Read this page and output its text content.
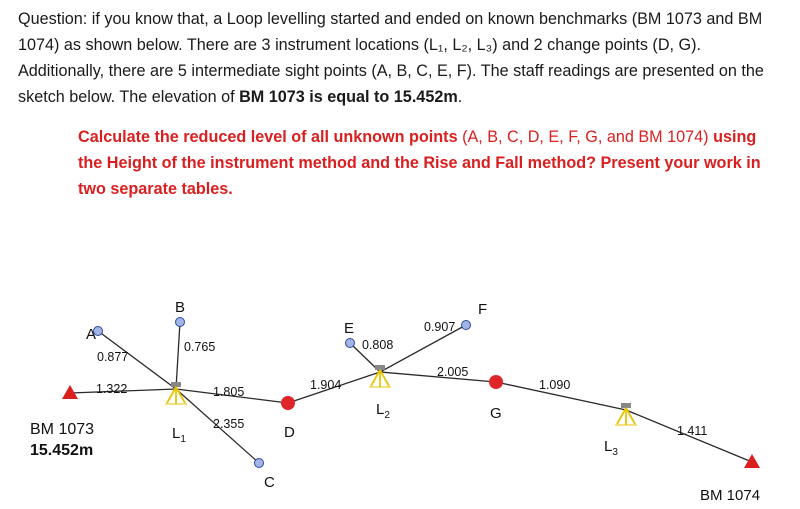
Question: if you know that, a Loop levelling started and ended on known benchmarks (BM 1073 and BM 1074) as shown below. There are 3 instrument locations (L₁, L₂, L₃) and 2 change points (D, G). Additionally, there are 5 intermediate sight points (A, B, C, E, F). The staff readings are presented on the sketch below. The elevation of BM 1073 is equal to 15.452m.
Calculate the reduced level of all unknown points (A, B, C, D, E, F, G, and BM 1074) using the Height of the instrument method and the Rise and Fall method? Present your work in two separate tables.
A
B
C
D
E
F
G
$L_1$
$L_2$
$L_3$
1.322
0.877
0.765
2.355
1.805	1.904
0.808
0.907
2.005
1.090
1.411
BM 1073
15.452m
BM 1074
